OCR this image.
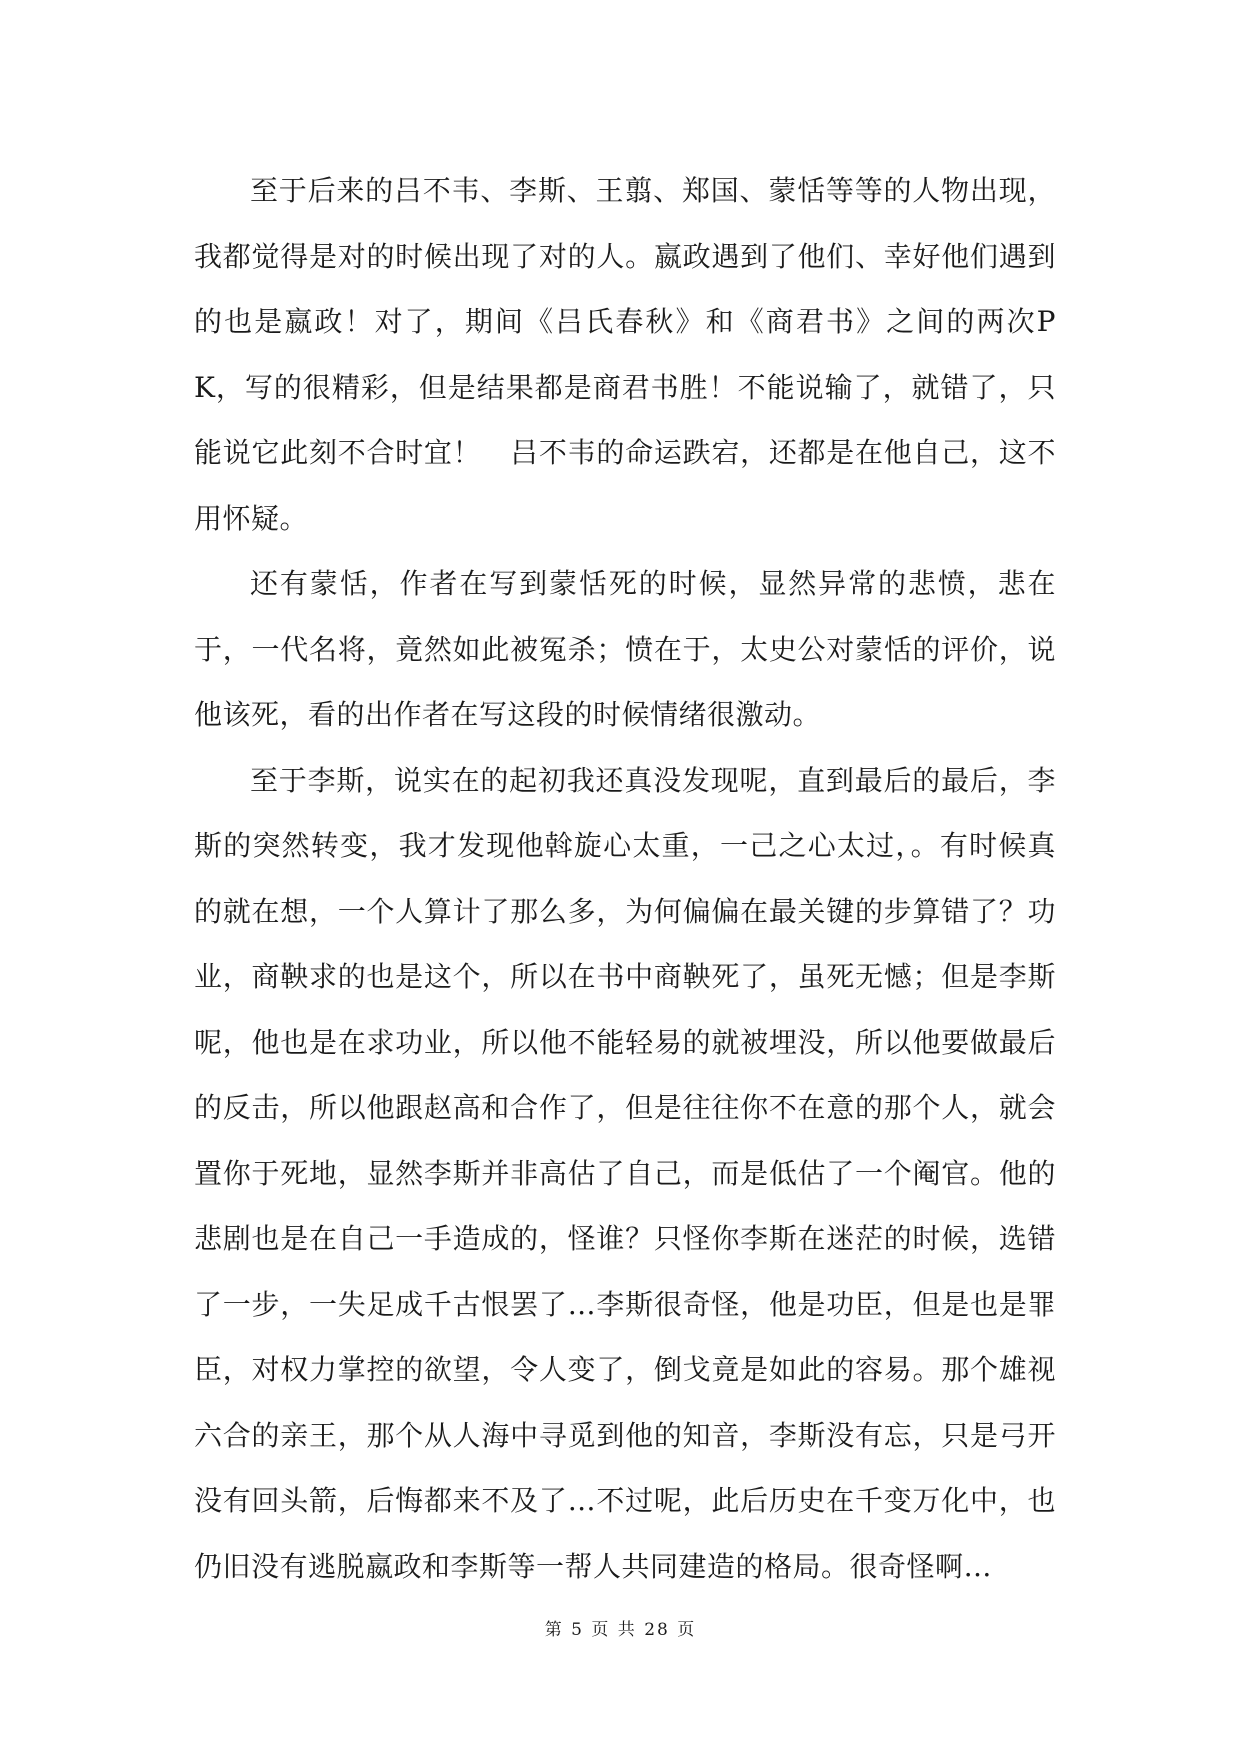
至于后来的吕不韦、李斯、王翦、郑国、蒙恬等等的人物出现，我都觉得是对的时候出现了对的人。嬴政遇到了他们、幸好他们遇到的也是嬴政！对了，期间《吕氏春秋》和《商君书》之间的两次PK，写的很精彩，但是结果都是商君书胜！不能说输了，就错了，只能说它此刻不合时宜！　吕不韦的命运跌宕，还都是在他自己，这不用怀疑。

还有蒙恬，作者在写到蒙恬死的时候，显然异常的悲愤，悲在于，一代名将，竟然如此被冤杀；愤在于，太史公对蒙恬的评价，说他该死，看的出作者在写这段的时候情绪很激动。

至于李斯，说实在的起初我还真没发现呢，直到最后的最后，李斯的突然转变，我才发现他斡旋心太重，一己之心太过，。有时候真的就在想，一个人算计了那么多，为何偏偏在最关键的步算错了？功业，商鞅求的也是这个，所以在书中商鞅死了，虽死无憾；但是李斯呢，他也是在求功业，所以他不能轻易的就被埋没，所以他要做最后的反击，所以他跟赵高和合作了，但是往往你不在意的那个人，就会置你于死地，显然李斯并非高估了自己，而是低估了一个阉官。他的悲剧也是在自己一手造成的，怪谁？只怪你李斯在迷茫的时候，选错了一步，一失足成千古恨罢了…李斯很奇怪，他是功臣，但是也是罪臣，对权力掌控的欲望，令人变了，倒戈竟是如此的容易。那个雄视六合的亲王，那个从人海中寻觅到他的知音，李斯没有忘，只是弓开没有回头箭，后悔都来不及了…不过呢，此后历史在千变万化中，也仍旧没有逃脱嬴政和李斯等一帮人共同建造的格局。很奇怪啊…

第 5 页 共 28 页
